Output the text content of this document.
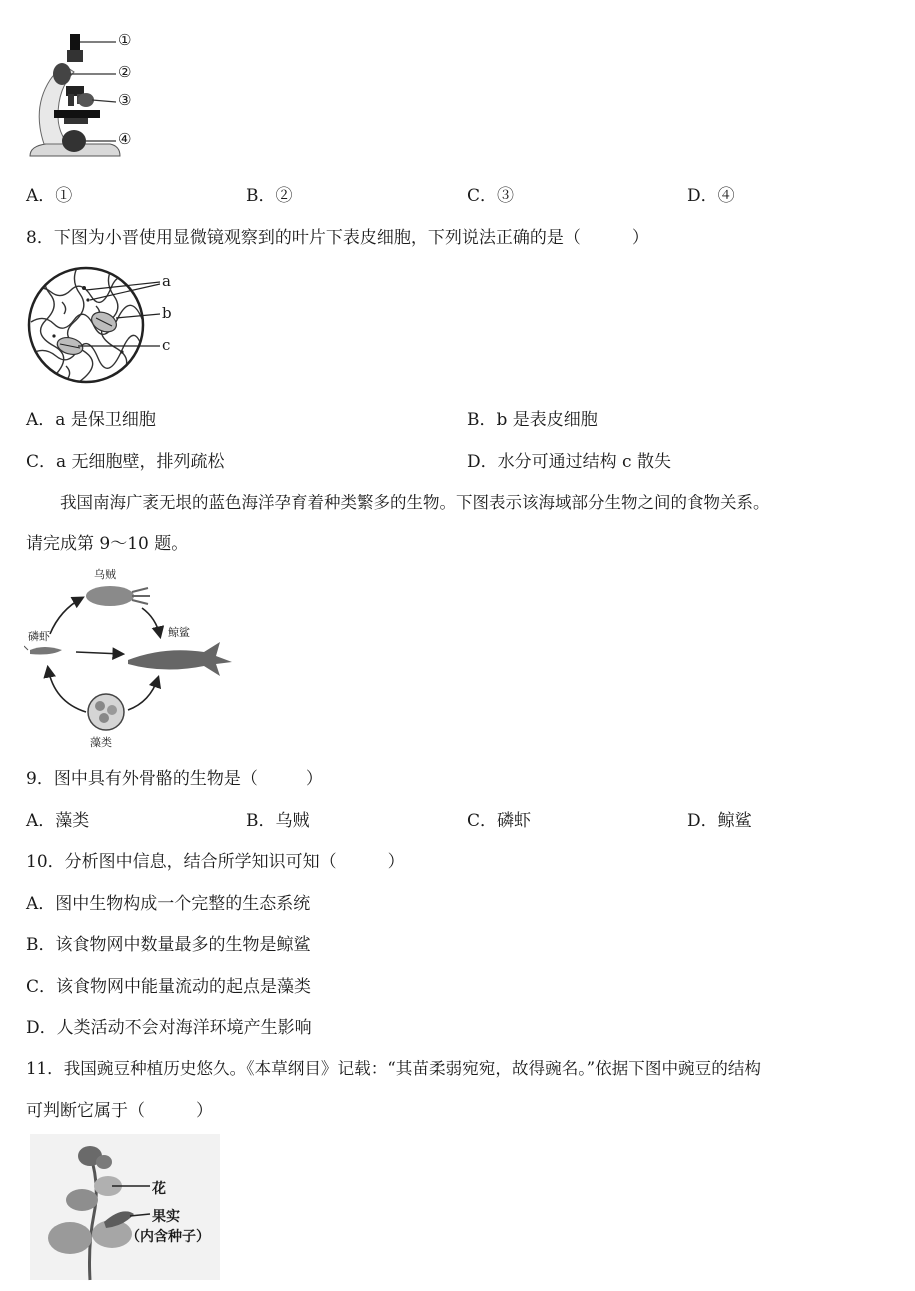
①
②
③
④
A．①	B．②	C．③	D．④
8．下图为小晋使用显微镜观察到的叶片下表皮细胞，下列说法正确的是（　　　）
a
b
c
A．a 是保卫细胞	B．b 是表皮细胞
C．a 无细胞壁，排列疏松	D．水分可通过结构 c 散失
我国南海广袤无垠的蓝色海洋孕育着种类繁多的生物。下图表示该海域部分生物之间的食物关系。
请完成第 9～10 题。
乌贼
鲸鲨
磷虾
藻类
9．图中具有外骨骼的生物是（	）
A．藻类	B．乌贼	C．磷虾	D．鲸鲨
10．分析图中信息，结合所学知识可知（　　　）
A．图中生物构成一个完整的生态系统
B．该食物网中数量最多的生物是鲸鲨
C．该食物网中能量流动的起点是藻类
D．人类活动不会对海洋环境产生影响
11．我国豌豆种植历史悠久。《本草纲目》记载：“其苗柔弱宛宛，故得豌名。”依据下图中豌豆的结构
可判断它属于（　　　）
花
果实
（内含种子）
